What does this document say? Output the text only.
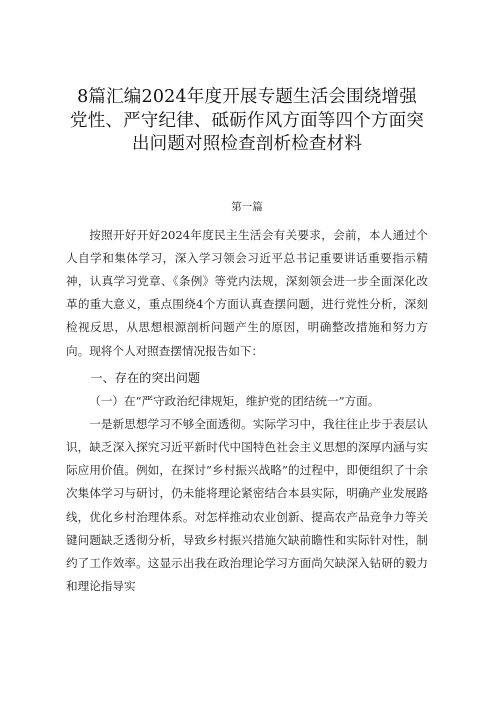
8篇汇编2024年度开展专题生活会围绕增强
党性、严守纪律、砥砺作风方面等四个方面突
出问题对照检查剖析检查材料
第一篇

按照开好开好2024年度民主生活会有关要求，会前，本人通过个人自学和集体学习，深入学习领会习近平总书记重要讲话重要指示精神，认真学习党章、《条例》等党内法规，深刻领会进一步全面深化改革的重大意义，重点围绕4个方面认真查摆问题，进行党性分析，深刻检视反思，从思想根源剖析问题产生的原因，明确整改措施和努力方向。现将个人对照查摆情况报告如下：

一、存在的突出问题
（一）在“严守政治纪律规矩，维护党的团结统一”方面。

一是新思想学习不够全面透彻。实际学习中，我往往止步于表层认识，缺乏深入探究习近平新时代中国特色社会主义思想的深厚内涵与实际应用价值。例如，在探讨”乡村振兴战略”的过程中，即便组织了十余次集体学习与研讨，仍未能将理论紧密结合本县实际，明确产业发展路线，优化乡村治理体系。对怎样推动农业创新、提高农产品竞争力等关键问题缺乏透彻分析，导致乡村振兴措施欠缺前瞻性和实际针对性，制约了工作效率。这显示出我在政治理论学习方面尚欠缺深入钻研的毅力和理论指导实
